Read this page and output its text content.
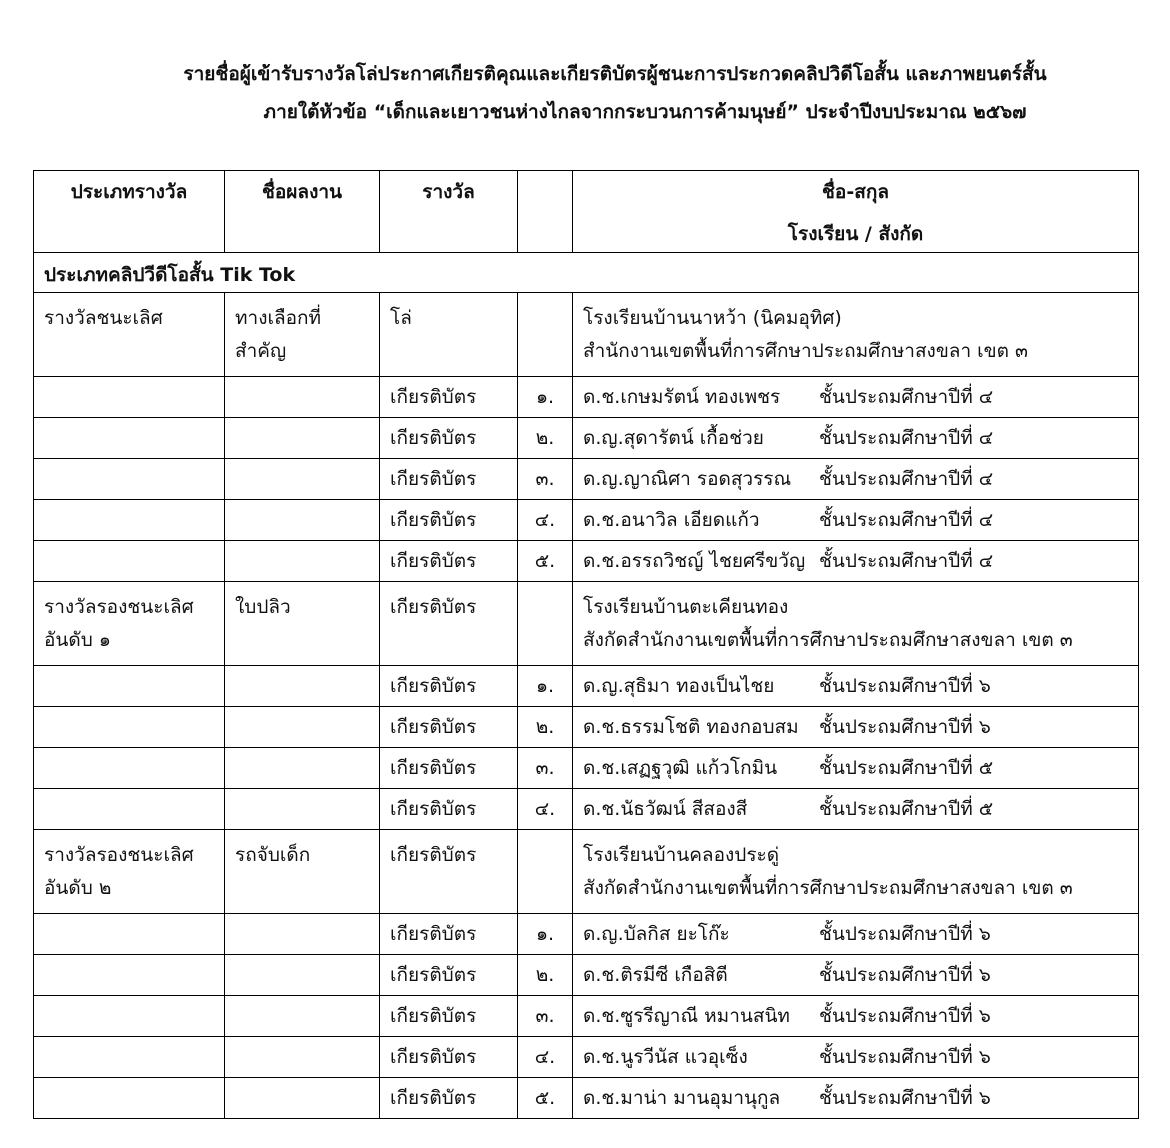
รายชื่อผู้เข้ารับรางวัลโล่ประกาศเกียรติคุณและเกียรติบัตรผู้ชนะการประกวดคลิปวิดีโอสั้น และภาพยนตร์สั้น
ภายใต้หัวข้อ “เด็กและเยาวชนห่างไกลจากกระบวนการค้ามนุษย์” ประจำปีงบประมาณ ๒๕๖๗
ประเภทรางวัล	ชื่อผลงาน	รางวัล		ชื่อ-สกุล
โรงเรียน / สังกัด

ประเภทคลิปวีดีโอสั้น Tik Tok				

รางวัลชนะเลิศ	ทางเลือกที่
สำคัญ	โล่		โรงเรียนบ้านนาหว้า (นิคมอุทิศ)
สำนักงานเขตพื้นที่การศึกษาประถมศึกษาสงขลา เขต ๓

		เกียรติบัตร	๑.	ด.ช.เกษมรัตน์ ทองเพชร ชั้นประถมศึกษาปีที่ ๔
		เกียรติบัตร	๒.	ด.ญ.สุดารัตน์ เกื้อช่วย ชั้นประถมศึกษาปีที่ ๔
		เกียรติบัตร	๓.	ด.ญ.ญาณิศา รอดสุวรรณ ชั้นประถมศึกษาปีที่ ๔
		เกียรติบัตร	๔.	ด.ช.อนาวิล เอียดแก้ว ชั้นประถมศึกษาปีที่ ๔
		เกียรติบัตร	๕.	ด.ช.อรรถวิชญ์ ไชยศรีขวัญ ชั้นประถมศึกษาปีที่ ๔

รางวัลรองชนะเลิศ
อันดับ ๑	ใบปลิว	เกียรติบัตร		โรงเรียนบ้านตะเคียนทอง
สังกัดสำนักงานเขตพื้นที่การศึกษาประถมศึกษาสงขลา เขต ๓

		เกียรติบัตร	๑.	ด.ญ.สุธิมา ทองเป็นไชย ชั้นประถมศึกษาปีที่ ๖
		เกียรติบัตร	๒.	ด.ช.ธรรมโชติ ทองกอบสม ชั้นประถมศึกษาปีที่ ๖
		เกียรติบัตร	๓.	ด.ช.เสฏฐวุฒิ แก้วโกมิน ชั้นประถมศึกษาปีที่ ๕
		เกียรติบัตร	๔.	ด.ช.นัธวัฒน์ สีสองสี ชั้นประถมศึกษาปีที่ ๕

รางวัลรองชนะเลิศ
อันดับ ๒	รถจับเด็ก	เกียรติบัตร		โรงเรียนบ้านคลองประดู่
สังกัดสำนักงานเขตพื้นที่การศึกษาประถมศึกษาสงขลา เขต ๓

		เกียรติบัตร	๑.	ด.ญ.บัลกิส ยะโก๊ะ ชั้นประถมศึกษาปีที่ ๖
		เกียรติบัตร	๒.	ด.ช.ติรมีซี เกือสิตี ชั้นประถมศึกษาปีที่ ๖
		เกียรติบัตร	๓.	ด.ช.ซูรรีญาณี หมานสนิท ชั้นประถมศึกษาปีที่ ๖
		เกียรติบัตร	๔.	ด.ช.นูรวีนัส แวอุเซ็ง ชั้นประถมศึกษาปีที่ ๖
		เกียรติบัตร	๕.	ด.ช.มาน่า มานอุมานุกูล ชั้นประถมศึกษาปีที่ ๖
